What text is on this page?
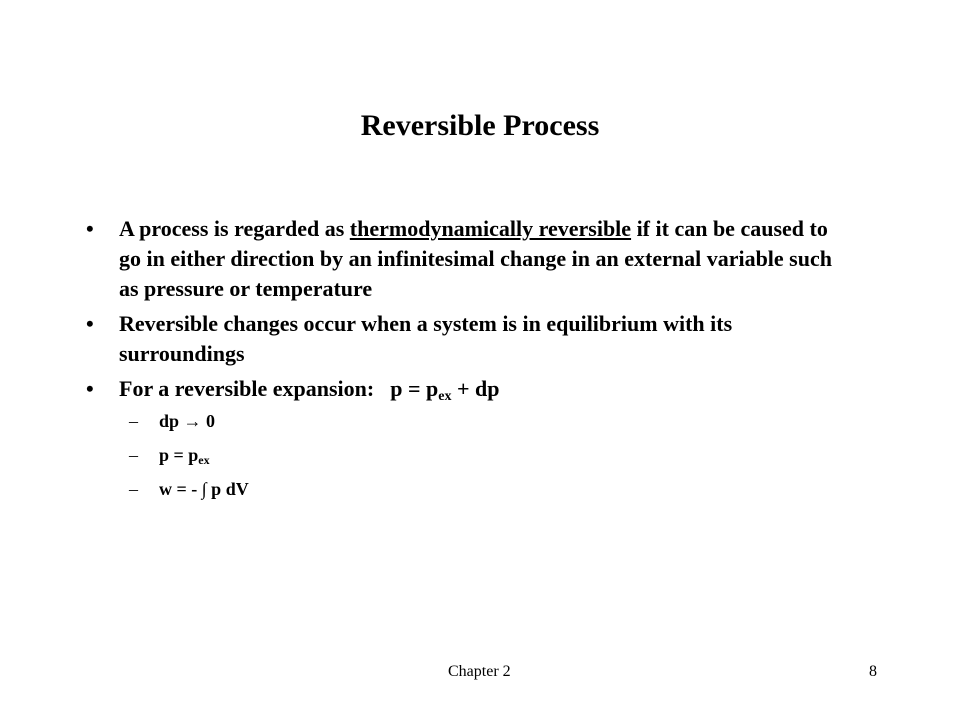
Reversible Process
• A process is regarded as thermodynamically reversible if it can be caused to go in either direction by an infinitesimal change in an external variable such as pressure or temperature
• Reversible changes occur when a system is in equilibrium with its surroundings
• For a reversible expansion: $p = p_{ex}$ + dp
– dp → 0
– $p = p_{ex}$
– w = - ∫ p dV
Chapter 2	8
